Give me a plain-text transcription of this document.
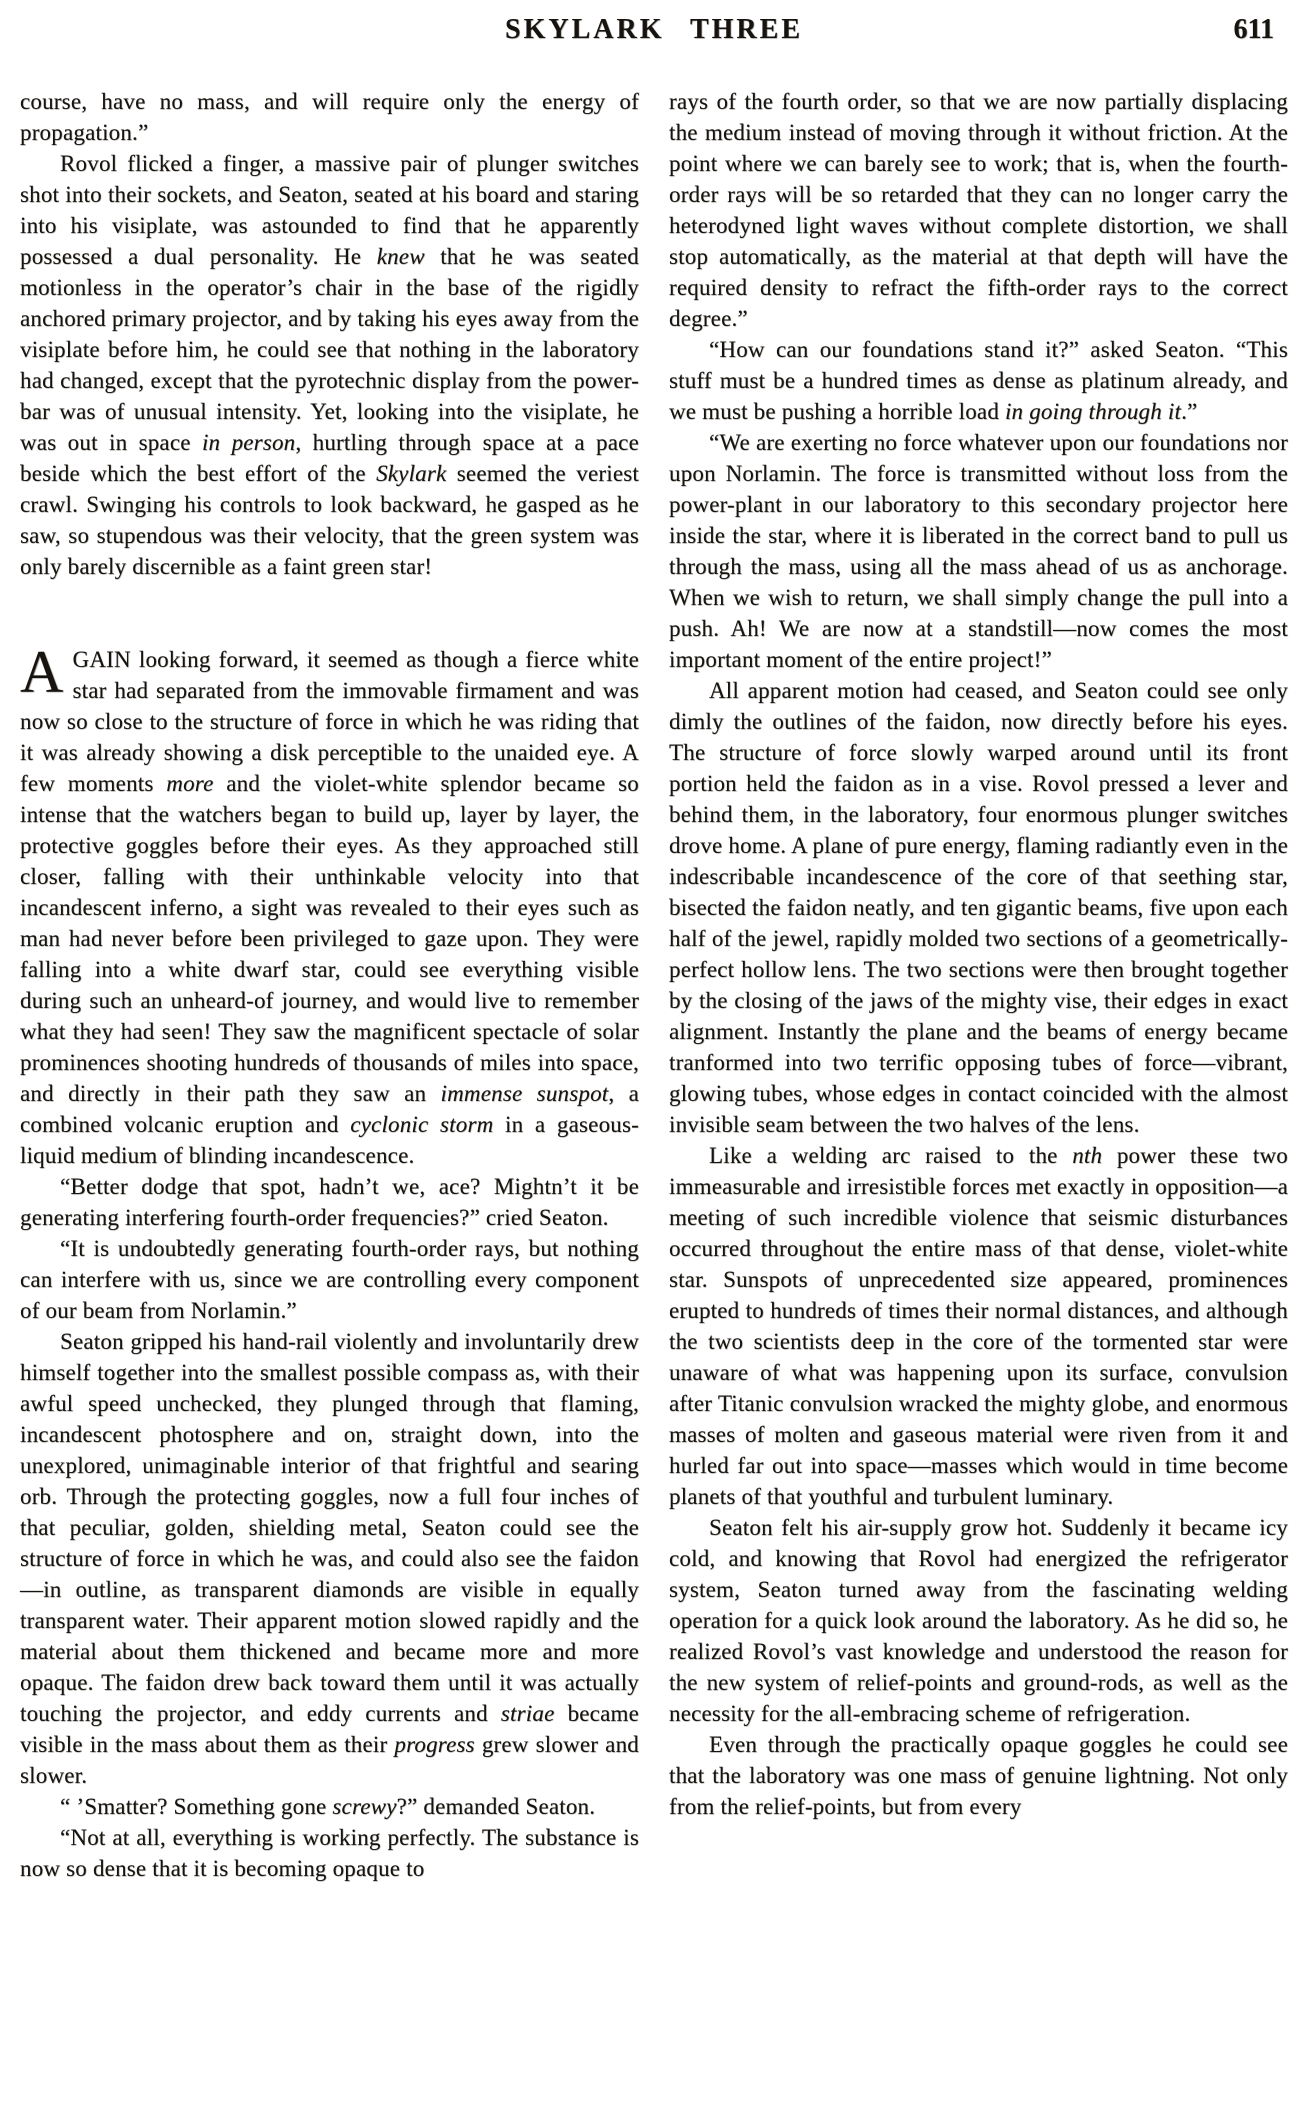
SKYLARK THREE	611

course, have no mass, and will require only the energy of propagation.”

Rovol flicked a finger, a massive pair of plunger switches shot into their sockets, and Seaton, seated at his board and staring into his visiplate, was astounded to find that he apparently possessed a dual personality. He knew that he was seated motionless in the operator’s chair in the base of the rigidly anchored primary projector, and by taking his eyes away from the visiplate before him, he could see that nothing in the laboratory had changed, except that the pyrotechnic display from the power-bar was of unusual intensity. Yet, looking into the visiplate, he was out in space in person, hurtling through space at a pace beside which the best effort of the Skylark seemed the veriest crawl. Swinging his controls to look backward, he gasped as he saw, so stupendous was their velocity, that the green system was only barely discernible as a faint green star!

AGAIN looking forward, it seemed as though a fierce white star had separated from the immovable firmament and was now so close to the structure of force in which he was riding that it was already showing a disk perceptible to the unaided eye. A few moments more and the violet-white splendor became so intense that the watchers began to build up, layer by layer, the protective goggles before their eyes. As they approached still closer, falling with their unthinkable velocity into that incandescent inferno, a sight was revealed to their eyes such as man had never before been privileged to gaze upon. They were falling into a white dwarf star, could see everything visible during such an unheard-of journey, and would live to remember what they had seen! They saw the magnificent spectacle of solar prominences shooting hundreds of thousands of miles into space, and directly in their path they saw an immense sunspot, a combined volcanic eruption and cyclonic storm in a gaseous-liquid medium of blinding incandescence.

“Better dodge that spot, hadn’t we, ace? Mightn’t it be generating interfering fourth-order frequencies?” cried Seaton.

“It is undoubtedly generating fourth-order rays, but nothing can interfere with us, since we are controlling every component of our beam from Norlamin.”

Seaton gripped his hand-rail violently and involuntarily drew himself together into the smallest possible compass as, with their awful speed unchecked, they plunged through that flaming, incandescent photosphere and on, straight down, into the unexplored, unimaginable interior of that frightful and searing orb. Through the protecting goggles, now a full four inches of that peculiar, golden, shielding metal, Seaton could see the structure of force in which he was, and could also see the faidon—in outline, as transparent diamonds are visible in equally transparent water. Their apparent motion slowed rapidly and the material about them thickened and became more and more opaque. The faidon drew back toward them until it was actually touching the projector, and eddy currents and striae became visible in the mass about them as their progress grew slower and slower.

“ ’Smatter? Something gone screwy?” demanded Seaton.

“Not at all, everything is working perfectly. The substance is now so dense that it is becoming opaque to

rays of the fourth order, so that we are now partially displacing the medium instead of moving through it without friction. At the point where we can barely see to work; that is, when the fourth-order rays will be so retarded that they can no longer carry the heterodyned light waves without complete distortion, we shall stop automatically, as the material at that depth will have the required density to refract the fifth-order rays to the correct degree.”

“How can our foundations stand it?” asked Seaton. “This stuff must be a hundred times as dense as platinum already, and we must be pushing a horrible load in going through it.”

“We are exerting no force whatever upon our foundations nor upon Norlamin. The force is transmitted without loss from the power-plant in our laboratory to this secondary projector here inside the star, where it is liberated in the correct band to pull us through the mass, using all the mass ahead of us as anchorage. When we wish to return, we shall simply change the pull into a push. Ah! We are now at a standstill—now comes the most important moment of the entire project!”

All apparent motion had ceased, and Seaton could see only dimly the outlines of the faidon, now directly before his eyes. The structure of force slowly warped around until its front portion held the faidon as in a vise. Rovol pressed a lever and behind them, in the laboratory, four enormous plunger switches drove home. A plane of pure energy, flaming radiantly even in the indescribable incandescence of the core of that seething star, bisected the faidon neatly, and ten gigantic beams, five upon each half of the jewel, rapidly molded two sections of a geometrically-perfect hollow lens. The two sections were then brought together by the closing of the jaws of the mighty vise, their edges in exact alignment. Instantly the plane and the beams of energy became tranformed into two terrific opposing tubes of force—vibrant, glowing tubes, whose edges in contact coincided with the almost invisible seam between the two halves of the lens.

Like a welding arc raised to the nth power these two immeasurable and irresistible forces met exactly in opposition—a meeting of such incredible violence that seismic disturbances occurred throughout the entire mass of that dense, violet-white star. Sunspots of unprecedented size appeared, prominences erupted to hundreds of times their normal distances, and although the two scientists deep in the core of the tormented star were unaware of what was happening upon its surface, convulsion after Titanic convulsion wracked the mighty globe, and enormous masses of molten and gaseous material were riven from it and hurled far out into space—masses which would in time become planets of that youthful and turbulent luminary.

Seaton felt his air-supply grow hot. Suddenly it became icy cold, and knowing that Rovol had energized the refrigerator system, Seaton turned away from the fascinating welding operation for a quick look around the laboratory. As he did so, he realized Rovol’s vast knowledge and understood the reason for the new system of relief-points and ground-rods, as well as the necessity for the all-embracing scheme of refrigeration.

Even through the practically opaque goggles he could see that the laboratory was one mass of genuine lightning. Not only from the relief-points, but from every
